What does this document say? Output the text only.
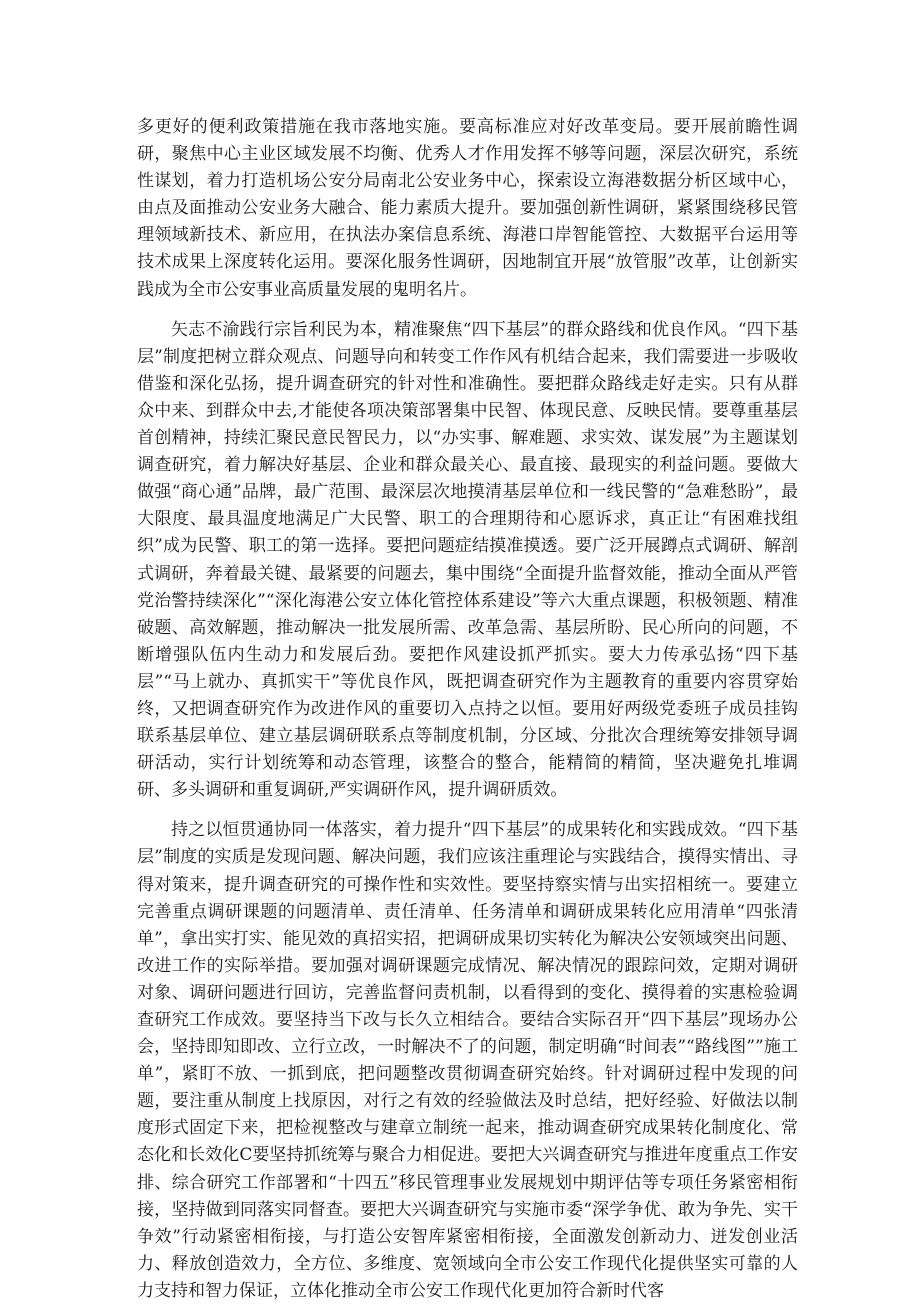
多更好的便利政策措施在我市落地实施。要高标准应对好改革变局。要开展前瞻性调研，聚焦中心主业区域发展不均衡、优秀人才作用发挥不够等问题，深层次研究，系统性谋划，着力打造机场公安分局南北公安业务中心，探索设立海港数据分析区域中心，由点及面推动公安业务大融合、能力素质大提升。要加强创新性调研，紧紧围绕移民管理领域新技术、新应用，在执法办案信息系统、海港口岸智能管控、大数据平台运用等技术成果上深度转化运用。要深化服务性调研，因地制宜开展“放管服”改革，让创新实践成为全市公安事业高质量发展的鬼明名片。

矢志不渝践行宗旨利民为本，精准聚焦“四下基层”的群众路线和优良作风。“四下基层”制度把树立群众观点、问题导向和转变工作作风有机结合起来，我们需要进一步吸收借鉴和深化弘扬，提升调查研究的针对性和准确性。要把群众路线走好走实。只有从群众中来、到群众中去,才能使各项决策部署集中民智、体现民意、反映民情。要尊重基层首创精神，持续汇聚民意民智民力，以“办实事、解难题、求实效、谋发展”为主题谋划调查研究，着力解决好基层、企业和群众最关心、最直接、最现实的利益问题。要做大做强“商心通”品牌，最广范围、最深层次地摸清基层单位和一线民警的“急难愁盼”，最大限度、最具温度地满足广大民警、职工的合理期待和心愿诉求，真正让“有困难找组织”成为民警、职工的第一选择。要把问题症结摸准摸透。要广泛开展蹲点式调研、解剖式调研，奔着最关键、最紧要的问题去，集中围绕“全面提升监督效能，推动全面从严管党治警持续深化”“深化海港公安立体化管控体系建设”等六大重点课题，积极领题、精准破题、高效解题，推动解决一批发展所需、改革急需、基层所盼、民心所向的问题，不断增强队伍内生动力和发展后劲。要把作风建设抓严抓实。要大力传承弘扬“四下基层”“马上就办、真抓实干”等优良作风，既把调查研究作为主题教育的重要内容贯穿始终，又把调查研究作为改进作风的重要切入点持之以恒。要用好两级党委班子成员挂钩联系基层单位、建立基层调研联系点等制度机制，分区域、分批次合理统筹安排领导调研活动，实行计划统筹和动态管理，该整合的整合，能精简的精简，坚决避免扎堆调研、多头调研和重复调研,严实调研作风，提升调研质效。

持之以恒贯通协同一体落实，着力提升“四下基层”的成果转化和实践成效。“四下基层”制度的实质是发现问题、解决问题，我们应该注重理论与实践结合，摸得实情出、寻得对策来，提升调查研究的可操作性和实效性。要坚持察实情与出实招相统一。要建立完善重点调研课题的问题清单、责任清单、任务清单和调研成果转化应用清单“四张清单”，拿出实打实、能见效的真招实招，把调研成果切实转化为解决公安领域突出问题、改进工作的实际举措。要加强对调研课题完成情况、解决情况的跟踪问效，定期对调研对象、调研问题进行回访，完善监督问责机制，以看得到的变化、摸得着的实惠检验调查研究工作成效。要坚持当下改与长久立相结合。要结合实际召开“四下基层”现场办公会，坚持即知即改、立行立改，一时解决不了的问题，制定明确“时间表”“路线图””施工单”，紧盯不放、一抓到底，把问题整改贯彻调查研究始终。针对调研过程中发现的问题，要注重从制度上找原因，对行之有效的经验做法及时总结，把好经验、好做法以制度形式固定下来，把检视整改与建章立制统一起来，推动调查研究成果转化制度化、常态化和长效化C要坚持抓统筹与聚合力相促进。要把大兴调查研究与推进年度重点工作安排、综合研究工作部署和“十四五”移民管理事业发展规划中期评估等专项任务紧密相衔接，坚持做到同落实同督查。要把大兴调查研究与实施市委“深学争优、敢为争先、实干争效”行动紧密相衔接，与打造公安智库紧密相衔接，全面激发创新动力、迸发创业活力、释放创造效力，全方位、多维度、宽领域向全市公安工作现代化提供坚实可靠的人力支持和智力保证，立体化推动全市公安工作现代化更加符合新时代客
